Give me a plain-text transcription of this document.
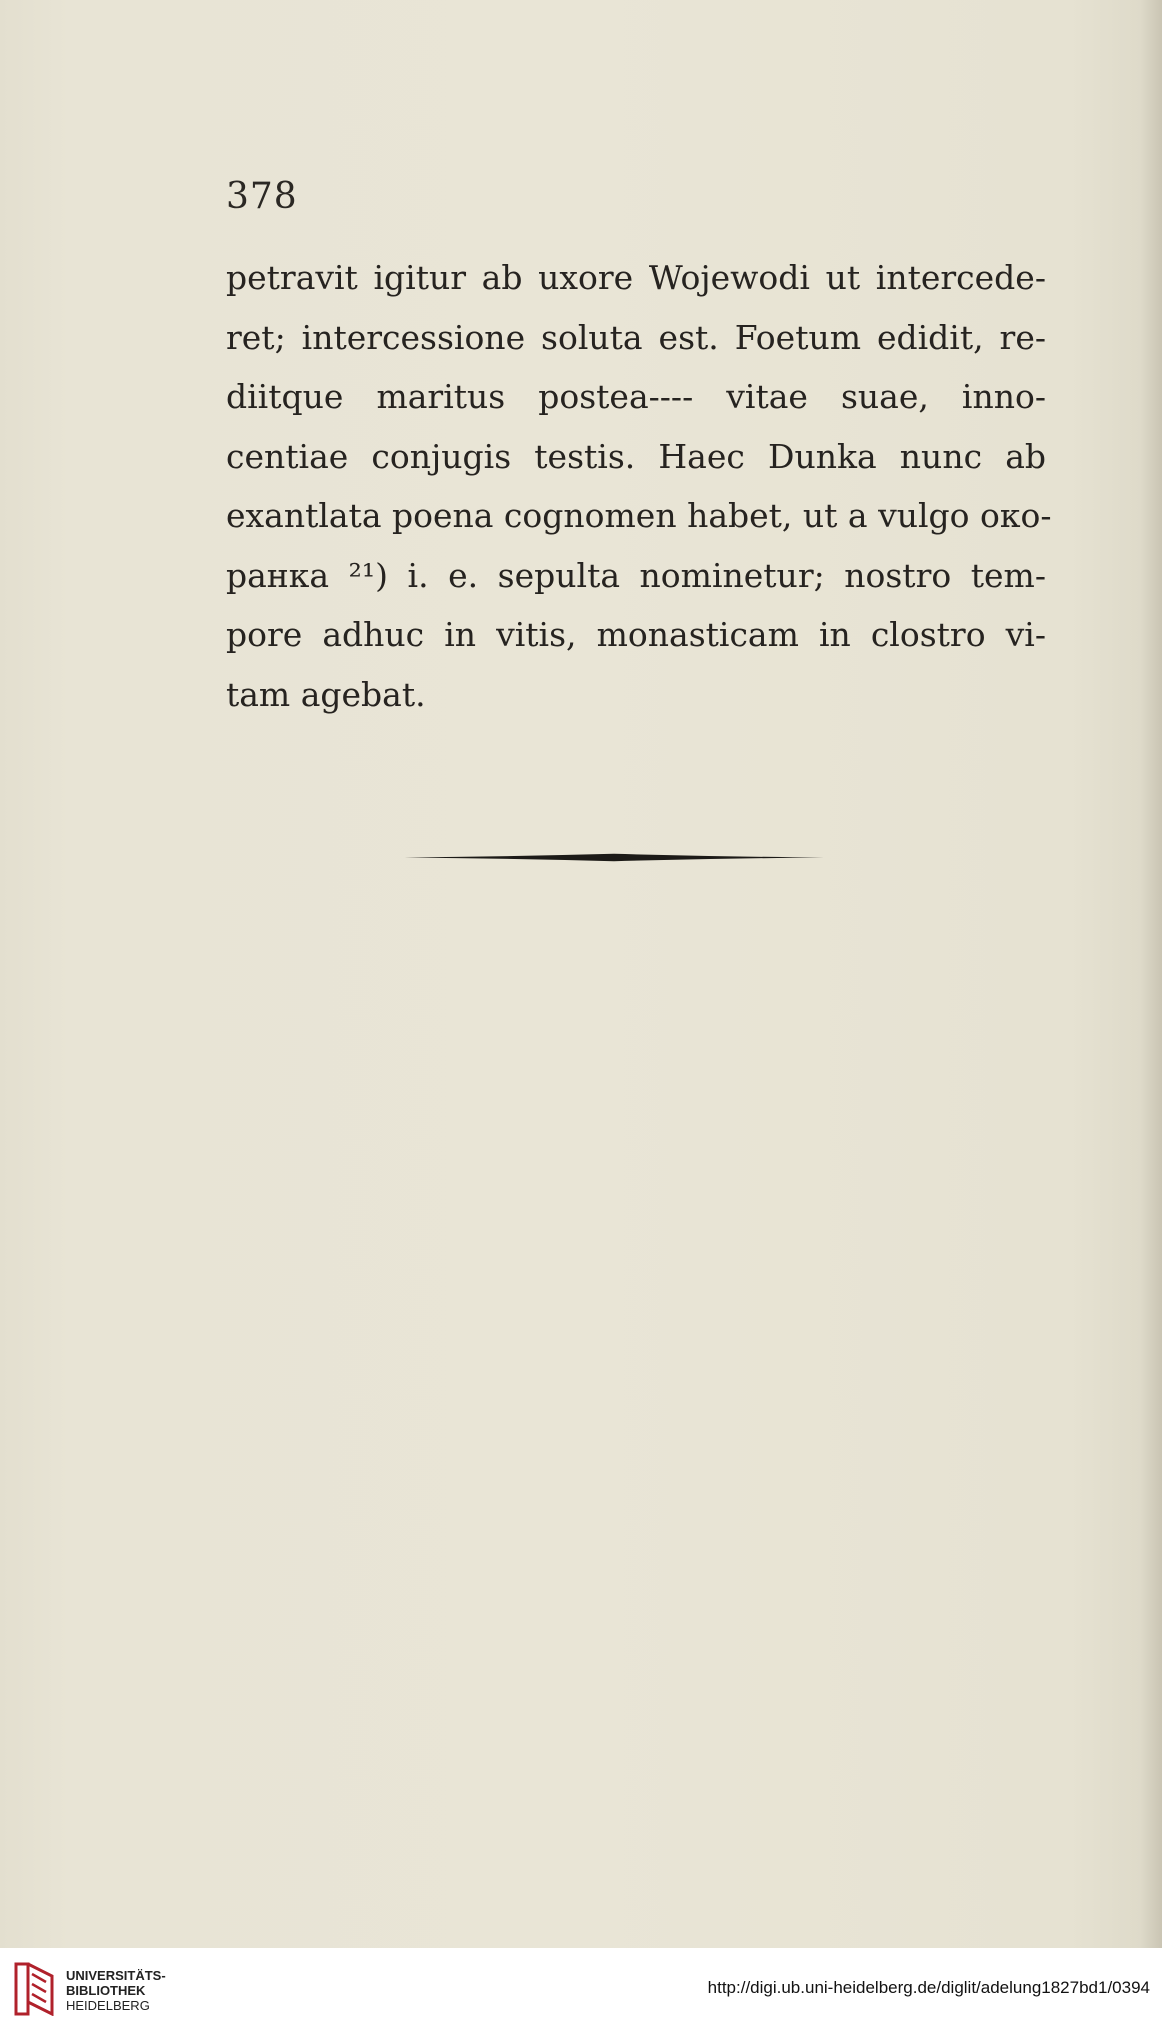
378
petravit igitur ab uxore Wojewodi ut intercede-
ret; intercessione soluta est. Foetum edidit, re-
diitque maritus postea---- vitae suae, inno-
centiae conjugis testis. Haec Dunka nunc ab
exantlata poena cognomen habet, ut a vulgo око-
ранка ²¹) i. e. sepulta nominetur; nostro tem-
pore adhuc in vitis, monasticam in clostro vi-
tam agebat.
UNIVERSITÄTS-
BIBLIOTHEK
HEIDELBERG
http://digi.ub.uni-heidelberg.de/diglit/adelung1827bd1/0394
